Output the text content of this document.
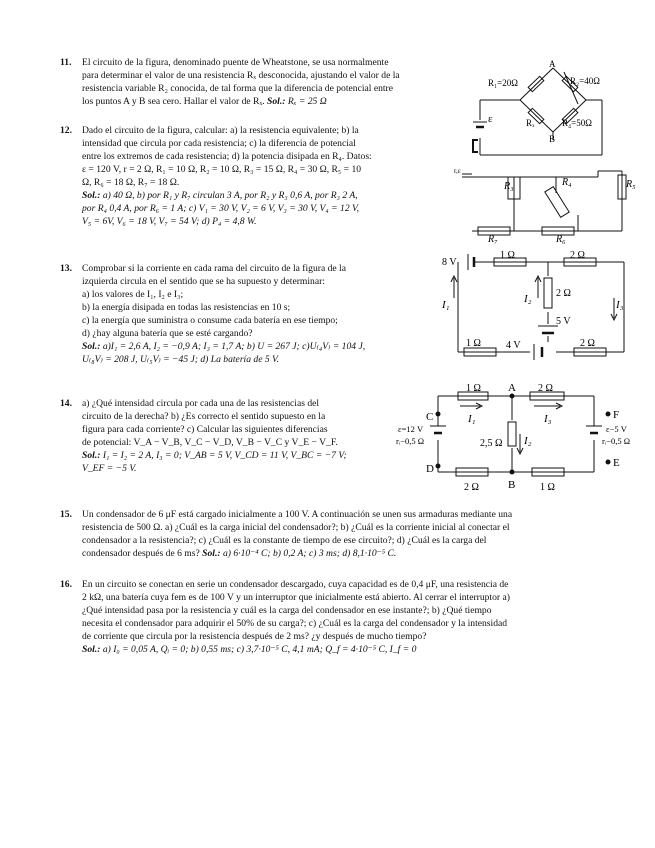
11. El circuito de la figura, denominado puente de Wheatstone, se usa normalmente
para determinar el valor de una resistencia Rₓ desconocida, ajustando el valor de la
resistencia variable R₂ conocida, de tal forma que la diferencia de potencial entre
los puntos A y B sea cero. Hallar el valor de Rₓ. Sol.: Rₓ = 25 Ω
12. Dado el circuito de la figura, calcular: a) la resistencia equivalente; b) la
intensidad que circula por cada resistencia; c) la diferencia de potencial
entre los extremos de cada resistencia; d) la potencia disipada en R₄. Datos:
ε = 120 V, r = 2 Ω, R₁ = 10 Ω, R₂ = 10 Ω, R₃ = 15 Ω, R₄ = 30 Ω, R₅ = 10
Ω, R₆ = 18 Ω, R₇ = 18 Ω.
Sol.: a) 40 Ω, b) por R₁ y R₇ circulan 3 A, por R₂ y R₃ 0,6 A, por R₃ 2 A,
por R₄ 0,4 A, por R₆ = 1 A; c) V₁ = 30 V, V₂ = 6 V, V₃ = 30 V, V₄ = 12 V,
V₅ = 6V, V₆ = 18 V, V₇ = 54 V; d) P₄ = 4,8 W.
13. Comprobar si la corriente en cada rama del circuito de la figura de la
izquierda circula en el sentido que se ha supuesto y determinar:
a) los valores de I₁, I₂ e I₃;
b) la energía disipada en todas las resistencias en 10 s;
c) la energía que suministra o consume cada batería en ese tiempo;
d) ¿hay alguna batería que se esté cargando?
Sol.: a)I₁ = 2,6 A, I₂ = −0,9 A; I₃ = 1,7 A; b) U = 267 J; c)U₍₄V₎ = 104 J,
U₍₈V₎ = 208 J, U₍₅V₎ = −45 J; d) La batería de 5 V.
14. a) ¿Qué intensidad circula por cada una de las resistencias del
circuito de la derecha? b) ¿Es correcto el sentido supuesto en la
figura para cada corriente? c) Calcular las siguientes diferencias
de potencial: V_A − V_B, V_C − V_D, V_B − V_C y V_E − V_F.
Sol.: I₁ = I₂ = 2 A, I₃ = 0; V_AB = 5 V, V_CD = 11 V, V_BC = −7 V;
V_EF = −5 V.
15. Un condensador de 6 μF está cargado inicialmente a 100 V. A continuación se unen sus armaduras mediante una
resistencia de 500 Ω. a) ¿Cuál es la carga inicial del condensador?; b) ¿Cuál es la corriente inicial al conectar el
condensador a la resistencia?; c) ¿Cuál es la constante de tiempo de ese circuito?; d) ¿Cuál es la carga del
condensador después de 6 ms? Sol.: a) 6·10⁻⁴ C; b) 0,2 A; c) 3 ms; d) 8,1·10⁻⁵ C.
16. En un circuito se conectan en serie un condensador descargado, cuya capacidad es de 0,4 μF, una resistencia de
2 kΩ, una batería cuya fem es de 100 V y un interruptor que inicialmente está abierto. Al cerrar el interruptor a)
¿Qué intensidad pasa por la resistencia y cuál es la carga del condensador en ese instante?; b) ¿Qué tiempo
necesita el condensador para adquirir el 50% de su carga?; c) ¿Cuál es la carga del condensador y la intensidad
de corriente que circula por la resistencia después de 2 ms? ¿y después de mucho tiempo?
Sol.: a) I₀ = 0,05 A, Qᵢ = 0; b) 0,55 ms; c) 3,7·10⁻⁵ C, 4,1 mA; Q_f = 4·10⁻⁵ C, I_f = 0
R₁=20Ω	R₂=40Ω
Rₓ	R₄=50Ω
A
B
ε
r,ε
R₃	R₄	R₅
R₆
R₇
8 V
1 Ω	2 Ω
2 Ω
5 V
1 Ω	4 V	2 Ω
I₁	I₂	I₃
1 Ω A 2 Ω
C	F
ε=12 V
rᵢ−0,5 Ω
ε−5 V
rᵢ−0,5 Ω
I₁	I₃
2,5 Ω I₂
D	E
2 Ω	B 1 Ω
